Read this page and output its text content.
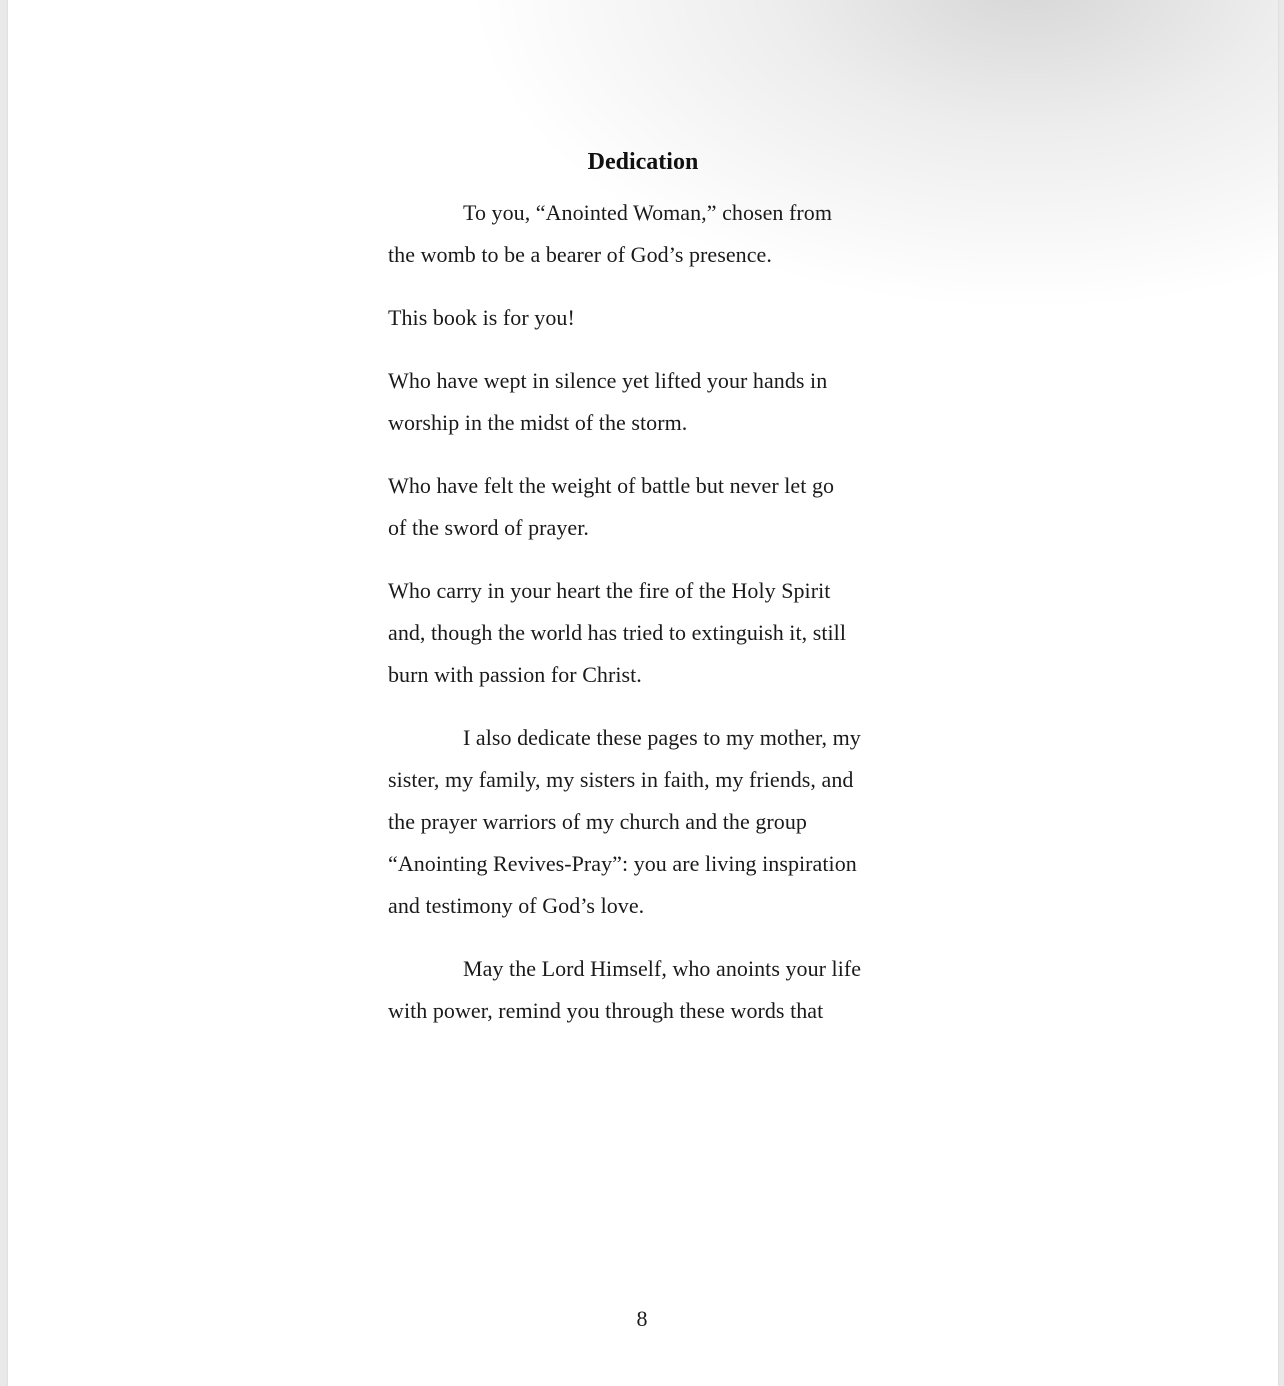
Dedication

To you, “Anointed Woman,” chosen from
the womb to be a bearer of God’s presence.

This book is for you!

Who have wept in silence yet lifted your hands in
worship in the midst of the storm.

Who have felt the weight of battle but never let go
of the sword of prayer.

Who carry in your heart the fire of the Holy Spirit
and, though the world has tried to extinguish it, still
burn with passion for Christ.

I also dedicate these pages to my mother, my
sister, my family, my sisters in faith, my friends, and
the prayer warriors of my church and the group
“Anointing Revives-Pray”: you are living inspiration
and testimony of God’s love.

May the Lord Himself, who anoints your life
with power, remind you through these words that

8
